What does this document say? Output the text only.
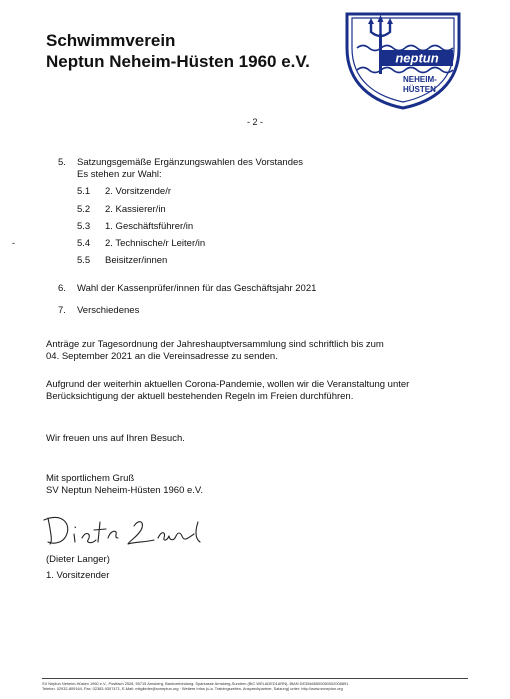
Schwimmverein
Neptun Neheim-Hüsten 1960 e.V.	neptun
NEHEIM-
HÜSTEN
- 2 -
5. Satzungsgemäße Ergänzungswahlen des Vorstandes
Es stehen zur Wahl:
5.1 2. Vorsitzende/r
5.2 2. Kassierer/in
5.3 1. Geschäftsführer/in
5.4 2. Technische/r Leiter/in
5.5 Beisitzer/innen
-
6. Wahl der Kassenprüfer/innen für das Geschäftsjahr 2021
7. Verschiedenes
Anträge zur Tagesordnung der Jahreshauptversammlung sind schriftlich bis zum
04. September 2021 an die Vereinsadresse zu senden.
Aufgrund der weiterhin aktuellen Corona-Pandemie, wollen wir die Veranstaltung unter
Berücksichtigung der aktuell bestehenden Regeln im Freien durchführen.
Wir freuen uns auf Ihren Besuch.
Mit sportlichem Gruß
SV Neptun Neheim-Hüsten 1960 e.V.
(Dieter Langer)
1. Vorsitzender
SV Neptun Neheim-Hüsten 1960 e.V., Postfach 2528, 59715 Arnsberg, Bankverbindung: Sparkasse Arnsberg-Sundern (BIC WELADED1ARN), IBAN DE35466500050002008891
Telefon: 02932-809164, Fax: 02383-9307471, E-Mail: mitglieder@svneptun.org · Weitere Infos (u.a. Trainingszeiten, Ansprechpartner, Satzung) unter: http://www.svneptun.org
